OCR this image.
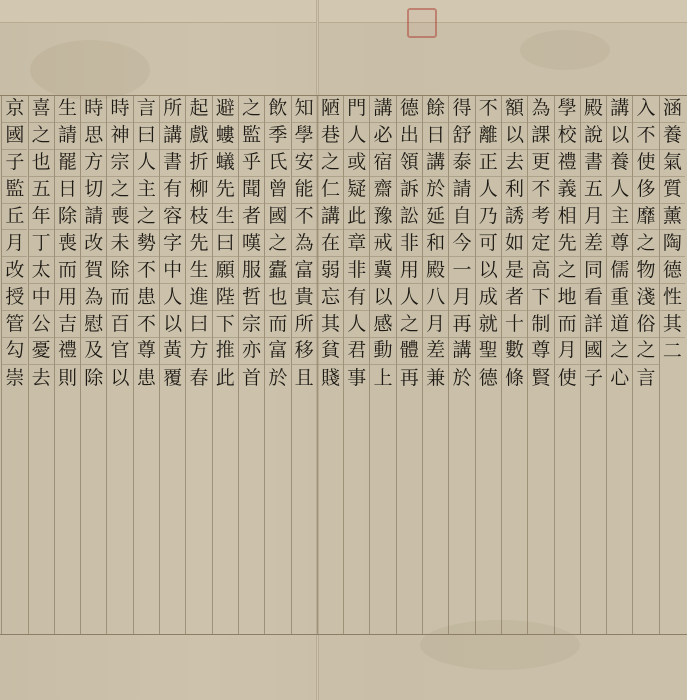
涵
養
氣
質
薰
陶
德
性
其
二
入
不
使
侈
靡
之
物
淺
俗
之
言
講
以
養
人
主
尊
儒
重
道
之
心
殿
說
書
五
月
差
同
看
詳
國
子
學
校
禮
義
相
先
之
地
而
月
使
為
課
更
不
考
定
高
下
制
尊
賢
額
以
去
利
誘
如
是
者
十
數
條
不
離
正
人
乃
可
以
成
就
聖
德
得
舒
泰
請
自
今
一
月
再
講
於
餘
日
講
於
延
和
殿
八
月
差
兼
德
出
領
訴
訟
非
用
人
之
體
再
講
必
宿
齋
豫
戒
冀
以
感
動
上
門
人
或
疑
此
章
非
有
人
君
事
陋
巷
之
仁
講
在
弱
忘
其
貧
賤
知
學
安
能
不
為
富
貴
所
移
且
飲
季
氏
曾
國
之
蠹
也
而
富
於
之
監
乎
聞
者
嘆
服
哲
宗
亦
首
避
螻
蟻
先
生
曰
願
陛
下
推
此
起
戲
折
柳
枝
先
生
進
曰
方
春
所
講
書
有
容
字
中
人
以
黃
覆
言
曰
人
主
之
勢
不
患
不
尊
患
時
神
宗
之
喪
未
除
而
百
官
以
時
思
方
切
請
改
賀
為
慰
及
除
生
請
罷
日
除
喪
而
用
吉
禮
則
喜
之
也
五
年
丁
太
中
公
憂
去
京
國
子
監
丘
月
改
授
管
勾
崇
